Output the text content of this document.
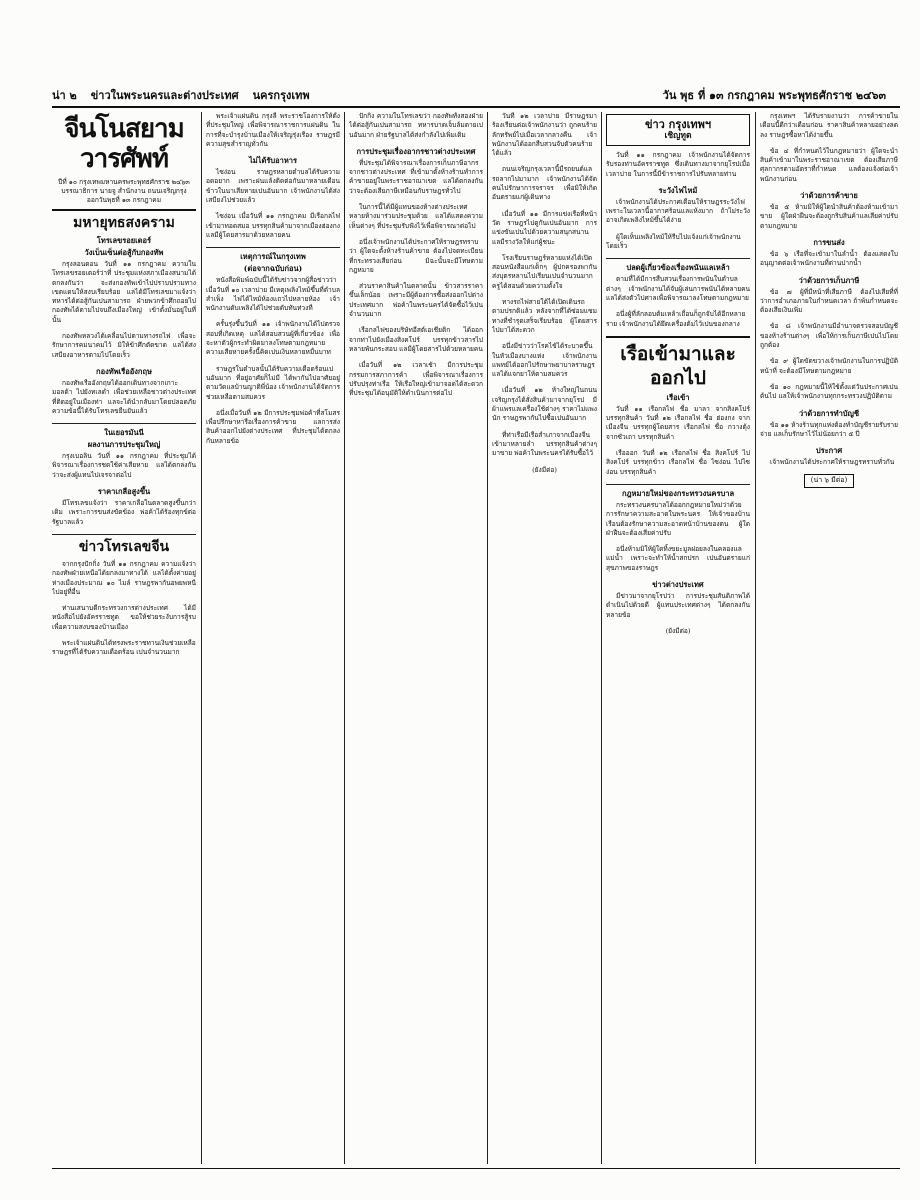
น่า ๒ ข่าวในพระนครและต่างประเทศ นครกรุงเทพ	วัน พุธ ที่ ๑๓ กรกฎาคม พระพุทธศักราช ๒๔๖๓
จีนโนสยามวารศัพท์
ปีที่ ๑๐ กรุงเทพมหานครพระพุทธศักราช ๒๔๖๓
บรรณาธิการ นายจู สำนักงาน ถนนเจริญกรุง
ออกวันพุธที่ ๑๓ กรกฎาคม
มหายุทธสงคราม
โทรเลขรอยเตอร์
วังเบ็นเซ็นต่อสู้กับกองทัพ

กรุงลอนดอน วันที่ ๑๑ กรกฎาคม ความในโทรเลขรอยเตอร์ว่าที่ ประชุมแห่งสภาเมืองสนามได้ตกลงกันว่า จะส่งกองทัพเข้าไปปราบปรามทางเขตแดนให้สงบเรียบร้อย แลได้มีโทรเลขมาแจ้งว่า ทหารได้ต่อสู้กันเปนสามารถ ฝ่ายพวกข้าศึกถอยไป กองทัพได้ตามไปจนถึงเมืองใหญ่ เข้าตั้งมั่นอยู่ในที่นั้น

กองทัพหลวงได้เคลื่อนไปตามทางรถไฟ เพื่อจะรักษาการคมนาคมไว้ มิให้ข้าศึกตัดขาด แลได้ส่งเสบียงอาหารตามไปโดยเร็ว

กองทัพเรืออังกฤษ

กองทัพเรืออังกฤษได้ออกเดินทางจากเกาะมอลต้า ไปยังทเลดำ เพื่อช่วยเหลือชาวต่างประเทศที่ติดอยู่ในเมืองท่า แลจะได้นำกลับมาโดยปลอดภัย ความข้อนี้ได้รับโทรเลขยืนยันแล้ว

ในเยอรมันนี
ผลงานการประชุมใหญ่

กรุงเบอลิน วันที่ ๑๑ กรกฎาคม ที่ประชุมได้พิจารณาเรื่องการชดใช้ค่าเสียหาย แลได้ตกลงกันว่าจะส่งผู้แทนไปเจรจาต่อไป

ราคาเกลือสูงขึ้น

มีโทรเลขแจ้งว่า ราคาเกลือในตลาดสูงขึ้นกว่าเดิม เพราะการขนส่งขัดข้อง พ่อค้าได้ร้องทุกข์ต่อรัฐบาลแล้ว

ข่าวโทรเลขจีน

จากกรุงปักกิ่ง วันที่ ๑๑ กรกฎาคม ความแจ้งว่า กองทัพฝ่ายเหนือได้ยกลงมาทางใต้ แลได้ตั้งค่ายอยู่ห่างเมืองประมาณ ๑๐ ไมล์ ราษฎรพากันอพยพหนีไปอยู่ที่อื่น

ท่านเสนาบดีกระทรวงการต่างประเทศ ได้มีหนังสือไปยังอัครราชทูต ขอให้ช่วยระงับการสู้รบ เพื่อความสงบของบ้านเมือง

พระเจ้าแผ่นดินได้ทรงพระราชทานเงินช่วยเหลือราษฎรที่ได้รับความเดือดร้อน เปนจำนวนมาก

พระเจ้าแผ่นดิน กรุงลี พระราชโองการให้ตั้งที่ประชุมใหญ่ เพื่อพิจารณาราชการแผ่นดิน ในการที่จะบำรุงบ้านเมืองให้เจริญรุ่งเรือง ราษฎรมีความสุขสำราญทั่วกัน

ไม่ได้รับอาหาร

ไซง่อน ราษฎรหลายตำบลได้รับความอดอยาก เพราะฝนแล้งติดต่อกันมาหลายเดือน ข้าวในนาเสียหายเปนอันมาก เจ้าพนักงานได้ส่งเสบียงไปช่วยแล้ว

ไซง่อน เมื่อวันที่ ๑๑ กรกฎาคม มีเรือกลไฟเข้ามาทอดสมอ บรรทุกสินค้ามาจากเมืองฮ่องกง แลมีผู้โดยสารมาด้วยหลายคน

เหตุการณ์ในกรุงเทพ
(ต่อจากฉบับก่อน)

หนังสือพิมพ์ฉบับนี้ได้รับข่าวจากผู้สื่อข่าวว่า เมื่อวันที่ ๑๐ เวลาบ่าย มีเหตุเพลิงไหม้ขึ้นที่ตำบลสำเพ็ง ไฟได้ไหม้ห้องแถวไปหลายห้อง เจ้าพนักงานดับเพลิงได้ไปช่วยดับทันท่วงที

ครั้นรุ่งขึ้นวันที่ ๑๑ เจ้าพนักงานได้ไปตรวจสอบที่เกิดเหตุ แลได้สอบสวนผู้ที่เกี่ยวข้อง เพื่อจะหาตัวผู้กระทำผิดมาลงโทษตามกฎหมาย ความเสียหายครั้งนี้คิดเปนเงินหลายหมื่นบาท

ราษฎรในตำบลนั้นได้รับความเดือดร้อนเปนอันมาก ที่อยู่อาศัยก็ไม่มี ได้พากันไปอาศัยอยู่ตามวัดแลบ้านญาติพี่น้อง เจ้าพนักงานได้จัดการช่วยเหลือตามสมควร

อนึ่งเมื่อวันที่ ๑๒ มีการประชุมพ่อค้าที่สโมสร เพื่อปรึกษาหารือเรื่องการค้าขาย แลการส่งสินค้าออกไปยังต่างประเทศ ที่ประชุมได้ตกลงกันหลายข้อ

ปักกิ่ง ความในโทรเลขว่า กองทัพทั้งสองฝ่ายได้ต่อสู้กันเปนสามารถ ทหารบาดเจ็บล้มตายเปนอันมาก ฝ่ายรัฐบาลได้ส่งกำลังไปเพิ่มเติม

การประชุมเรื่องอากรชาวต่างประเทศ

ที่ประชุมได้พิจารณาเรื่องการเก็บภาษีอากรจากชาวต่างประเทศ ที่เข้ามาตั้งห้างร้านทำการค้าขายอยู่ในพระราชอาณาเขต แลได้ตกลงกันว่าจะต้องเสียภาษีเหมือนกับราษฎรทั่วไป

ในการนี้ได้มีผู้แทนของห้างต่างประเทศหลายห้างมาร่วมประชุมด้วย แลได้แสดงความเห็นต่างๆ ที่ประชุมรับฟังไว้เพื่อพิจารณาต่อไป

อนึ่งเจ้าพนักงานได้ประกาศให้ราษฎรทราบว่า ผู้ใดจะตั้งห้างร้านค้าขาย ต้องไปจดทะเบียนที่กระทรวงเสียก่อน มิฉะนั้นจะมีโทษตามกฎหมาย

ส่วนราคาสินค้าในตลาดนั้น ข้าวสารราคาขึ้นเล็กน้อย เพราะมีผู้ต้องการซื้อส่งออกไปต่างประเทศมาก พ่อค้าในพระนครได้จัดซื้อไว้เปนจำนวนมาก

เรือกลไฟของบริษัทอีสต์เอเชียติก ได้ออกจากท่าไปยังเมืองสิงคโปร์ บรรทุกข้าวสารไปหลายพันกระสอบ แลมีผู้โดยสารไปด้วยหลายคน

เมื่อวันที่ ๑๒ เวลาเช้า มีการประชุมกรรมการสภาการค้า เพื่อพิจารณาเรื่องการปรับปรุงท่าเรือ ให้เรือใหญ่เข้ามาจอดได้สะดวก ที่ประชุมได้อนุมัติให้ดำเนินการต่อไป

วันที่ ๑๒ เวลาบ่าย มีราษฎรมาร้องเรียนต่อเจ้าพนักงานว่า ถูกคนร้ายลักทรัพย์ไปเมื่อเวลากลางคืน เจ้าพนักงานได้ออกสืบสวนจับตัวคนร้ายได้แล้ว

ถนนเจริญกรุงเวลานี้มีรถยนต์แลรถลากไปมามาก เจ้าพนักงานได้จัดคนไปรักษาการจราจร เพื่อมิให้เกิดอันตรายแก่ผู้เดินทาง

เมื่อวันที่ ๑๑ มีการแข่งเรือที่หน้าวัด ราษฎรไปดูกันเปนอันมาก การแข่งขันเปนไปด้วยความสนุกสนาน แลมีรางวัลให้แก่ผู้ชนะ

โรงเรียนราษฎร์หลายแห่งได้เปิดสอนหนังสือแก่เด็กๆ ผู้ปกครองพากันส่งบุตรหลานไปเรียนเปนจำนวนมาก ครูได้สอนด้วยความตั้งใจ

ทางรถไฟสายใต้ได้เปิดเดินรถตามปรกติแล้ว หลังจากที่ได้ซ่อมแซมทางที่ชำรุดเสร็จเรียบร้อย ผู้โดยสารไปมาได้สะดวก

อนึ่งมีข่าวว่าโรคไข้ได้ระบาดขึ้นในหัวเมืองบางแห่ง เจ้าพนักงานแพทย์ได้ออกไปรักษาพยาบาลราษฎร แลได้แจกยาให้ตามสมควร

เมื่อวันที่ ๑๒ ห้างใหญ่ในถนนเจริญกรุงได้สั่งสินค้ามาจากยุโรป มีผ้าแพรแลเครื่องใช้ต่างๆ ราคาไม่แพงนัก ราษฎรพากันไปซื้อเปนอันมาก

ที่ท่าเรือมีเรือสำเภาจากเมืองจีนเข้ามาหลายลำ บรรทุกสินค้าต่างๆ มาขาย พ่อค้าในพระนครได้รับซื้อไว้

(ยังมีต่อ)
ข่าว กรุงเทพฯ
เชิญทูต

วันที่ ๑๑ กรกฎาคม เจ้าพนักงานได้จัดการรับรองท่านอัครราชทูต ซึ่งเดินทางมาจากยุโรปเมื่อเวลาบ่าย ในการนี้มีข้าราชการไปรับหลายท่าน

ระวังไฟไหม้

เจ้าพนักงานได้ประกาศเตือนให้ราษฎรระวังไฟ เพราะในเวลานี้อากาศร้อนแลแห้งมาก ถ้าไม่ระวังอาจเกิดเพลิงไหม้ขึ้นได้ง่าย

ผู้ใดเห็นเพลิงไหม้ให้รีบไปแจ้งแก่เจ้าพนักงานโดยเร็ว

ปลดผู้เกี่ยวข้องเรื่องพนันแลเหล้า

ตามที่ได้มีการสืบสวนเรื่องการพนันในตำบลต่างๆ เจ้าพนักงานได้จับผู้เล่นการพนันได้หลายคน แลได้ส่งตัวไปศาลเพื่อพิจารณาลงโทษตามกฎหมาย

อนึ่งผู้ที่ลักลอบต้มเหล้าเถื่อนก็ถูกจับได้อีกหลายราย เจ้าพนักงานได้ยึดเครื่องต้มไว้เปนของกลาง

เรือเข้ามาและออกไป
เรือเข้า

วันที่ ๑๑ เรือกลไฟ ชื่อ มาลา จากสิงคโปร์ บรรทุกสินค้า วันที่ ๑๒ เรือกลไฟ ชื่อ ฮ่องกง จากเมืองจีน บรรทุกผู้โดยสาร เรือกลไฟ ชื่อ กวางตุ้ง จากซัวเถา บรรทุกสินค้า

เรือออก วันที่ ๑๒ เรือกลไฟ ชื่อ สิงคโปร์ ไปสิงคโปร์ บรรทุกข้าว เรือกลไฟ ชื่อ ไซง่อน ไปไซง่อน บรรทุกสินค้า

กฎหมายใหม่ของกระทรวงนครบาล

กระทรวงนครบาลได้ออกกฎหมายใหม่ว่าด้วยการรักษาความสะอาดในพระนคร ให้เจ้าของบ้านเรือนต้องรักษาความสะอาดหน้าบ้านของตน ผู้ใดฝ่าฝืนจะต้องเสียค่าปรับ

อนึ่งห้ามมิให้ผู้ใดทิ้งขยะมูลฝอยลงในคลองแลแม่น้ำ เพราะจะทำให้น้ำสกปรก เปนอันตรายแก่สุขภาพของราษฎร

ข่าวต่างประเทศ

มีข่าวมาจากยุโรปว่า การประชุมสันติภาพได้ดำเนินไปด้วยดี ผู้แทนประเทศต่างๆ ได้ตกลงกันหลายข้อ

(ยังมีต่อ)

กรุงเทพฯ ได้รับรายงานว่า การค้าขายในเดือนนี้ดีกว่าเดือนก่อน ราคาสินค้าหลายอย่างลดลง ราษฎรซื้อหาได้ง่ายขึ้น

ข้อ ๔ ที่กำหนดไว้ในกฎหมายว่า ผู้ใดจะนำสินค้าเข้ามาในพระราชอาณาเขต ต้องเสียภาษีศุลกากรตามอัตราที่กำหนด แลต้องแจ้งต่อเจ้าพนักงานก่อน

ว่าด้วยการค้าขาย

ข้อ ๕ ห้ามมิให้ผู้ใดนำสินค้าต้องห้ามเข้ามาขาย ผู้ใดฝ่าฝืนจะต้องถูกริบสินค้าแลเสียค่าปรับตามกฎหมาย

การขนส่ง

ข้อ ๖ เรือที่จะเข้ามาในลำน้ำ ต้องแสดงใบอนุญาตต่อเจ้าพนักงานที่ด่านปากน้ำ

ว่าด้วยการเก็บภาษี

ข้อ ๗ ผู้ที่มีหน้าที่เสียภาษี ต้องไปเสียที่ที่ว่าการอำเภอภายในกำหนดเวลา ถ้าพ้นกำหนดจะต้องเสียเงินเพิ่ม

ข้อ ๘ เจ้าพนักงานมีอำนาจตรวจสอบบัญชีของห้างร้านต่างๆ เพื่อให้การเก็บภาษีเปนไปโดยถูกต้อง

ข้อ ๙ ผู้ใดขัดขวางเจ้าพนักงานในการปฏิบัติหน้าที่ จะต้องมีโทษตามกฎหมาย

ข้อ ๑๐ กฎหมายนี้ให้ใช้ตั้งแต่วันประกาศเปนต้นไป แลให้เจ้าพนักงานทุกกระทรวงปฏิบัติตาม

ว่าด้วยการทำบัญชี

ข้อ ๑๑ ห้างร้านทุกแห่งต้องทำบัญชีรายรับรายจ่าย แลเก็บรักษาไว้ไม่น้อยกว่า ๕ ปี

ประกาศ

เจ้าพนักงานได้ประกาศให้ราษฎรทราบทั่วกัน

(น่า ๖ มีต่อ)
